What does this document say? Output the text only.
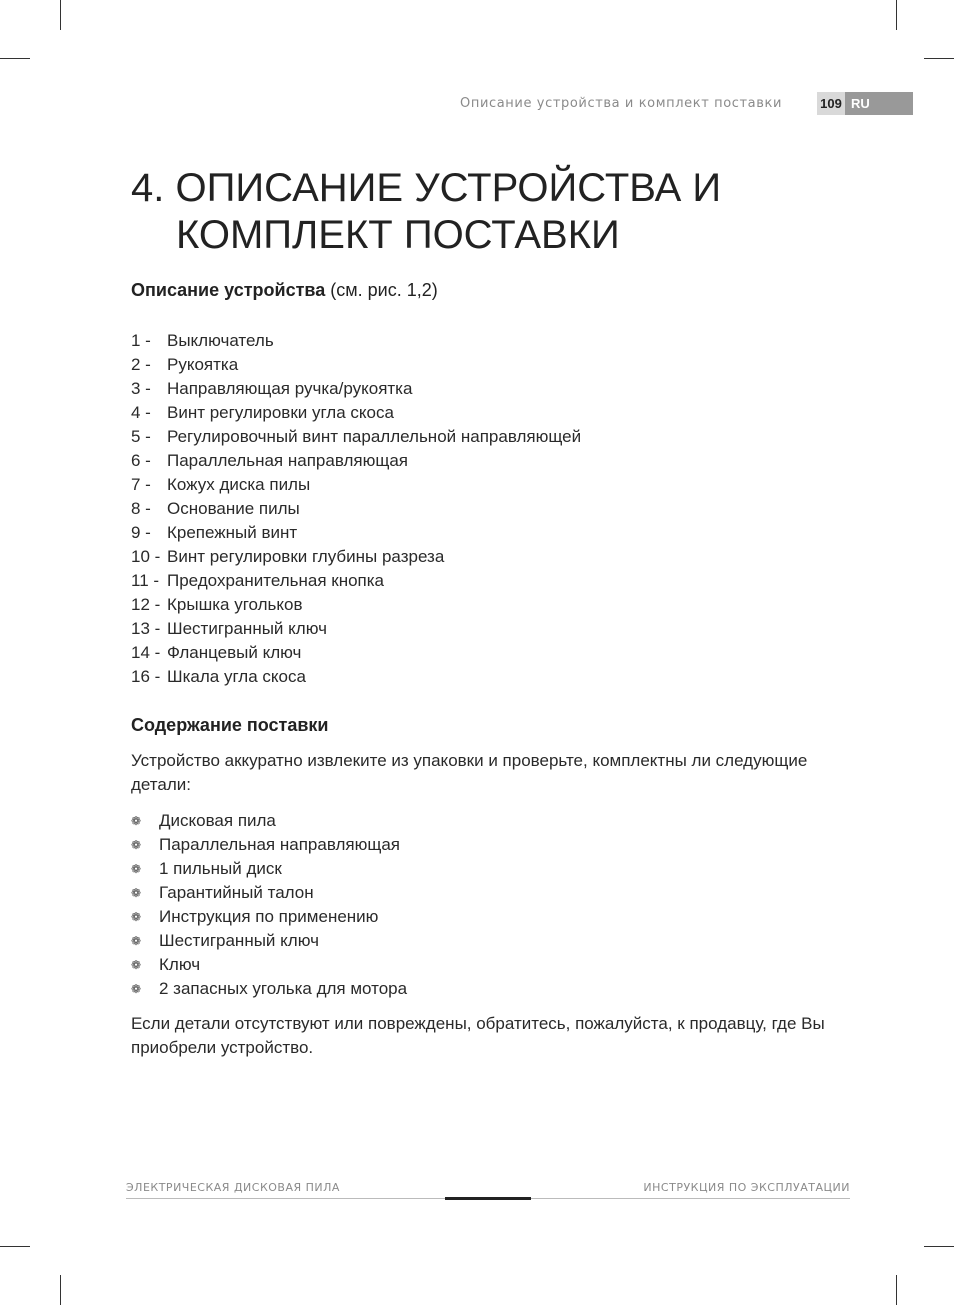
Описание устройства и комплект поставки	109 RU
4. ОПИСАНИЕ УСТРОЙСТВА И
КОМПЛЕКТ ПОСТАВКИ
Описание устройства (см. рис. 1,2)
1 - Выключатель
2 - Рукоятка
3 - Направляющая ручка/рукоятка
4 - Винт регулировки угла скоса
5 - Регулировочный винт параллельной направляющей
6 - Параллельная направляющая
7 - Кожух диска пилы
8 - Основание пилы
9 - Крепежный винт
10 - Винт регулировки глубины разреза
11 - Предохранительная кнопка
12 - Крышка угольков
13 - Шестигранный ключ
14 - Фланцевый ключ
16 - Шкала угла скоса
Содержание поставки
Устройство аккуратно извлеките из упаковки и проверьте, комплектны ли следующие детали:
❁	Дисковая пила
❁	Параллельная направляющая
❁	1 пильный диск
❁	Гарантийный талон
❁	Инструкция по применению
❁	Шестигранный ключ
❁	Ключ
❁	2 запасных уголька для мотора
Если детали отсутствуют или повреждены, обратитесь, пожалуйста, к продавцу, где Вы приобрели устройство.
ЭЛЕКТРИЧЕСКАЯ ДИСКОВАЯ ПИЛА	ИНСТРУКЦИЯ ПО ЭКСПЛУАТАЦИИ
